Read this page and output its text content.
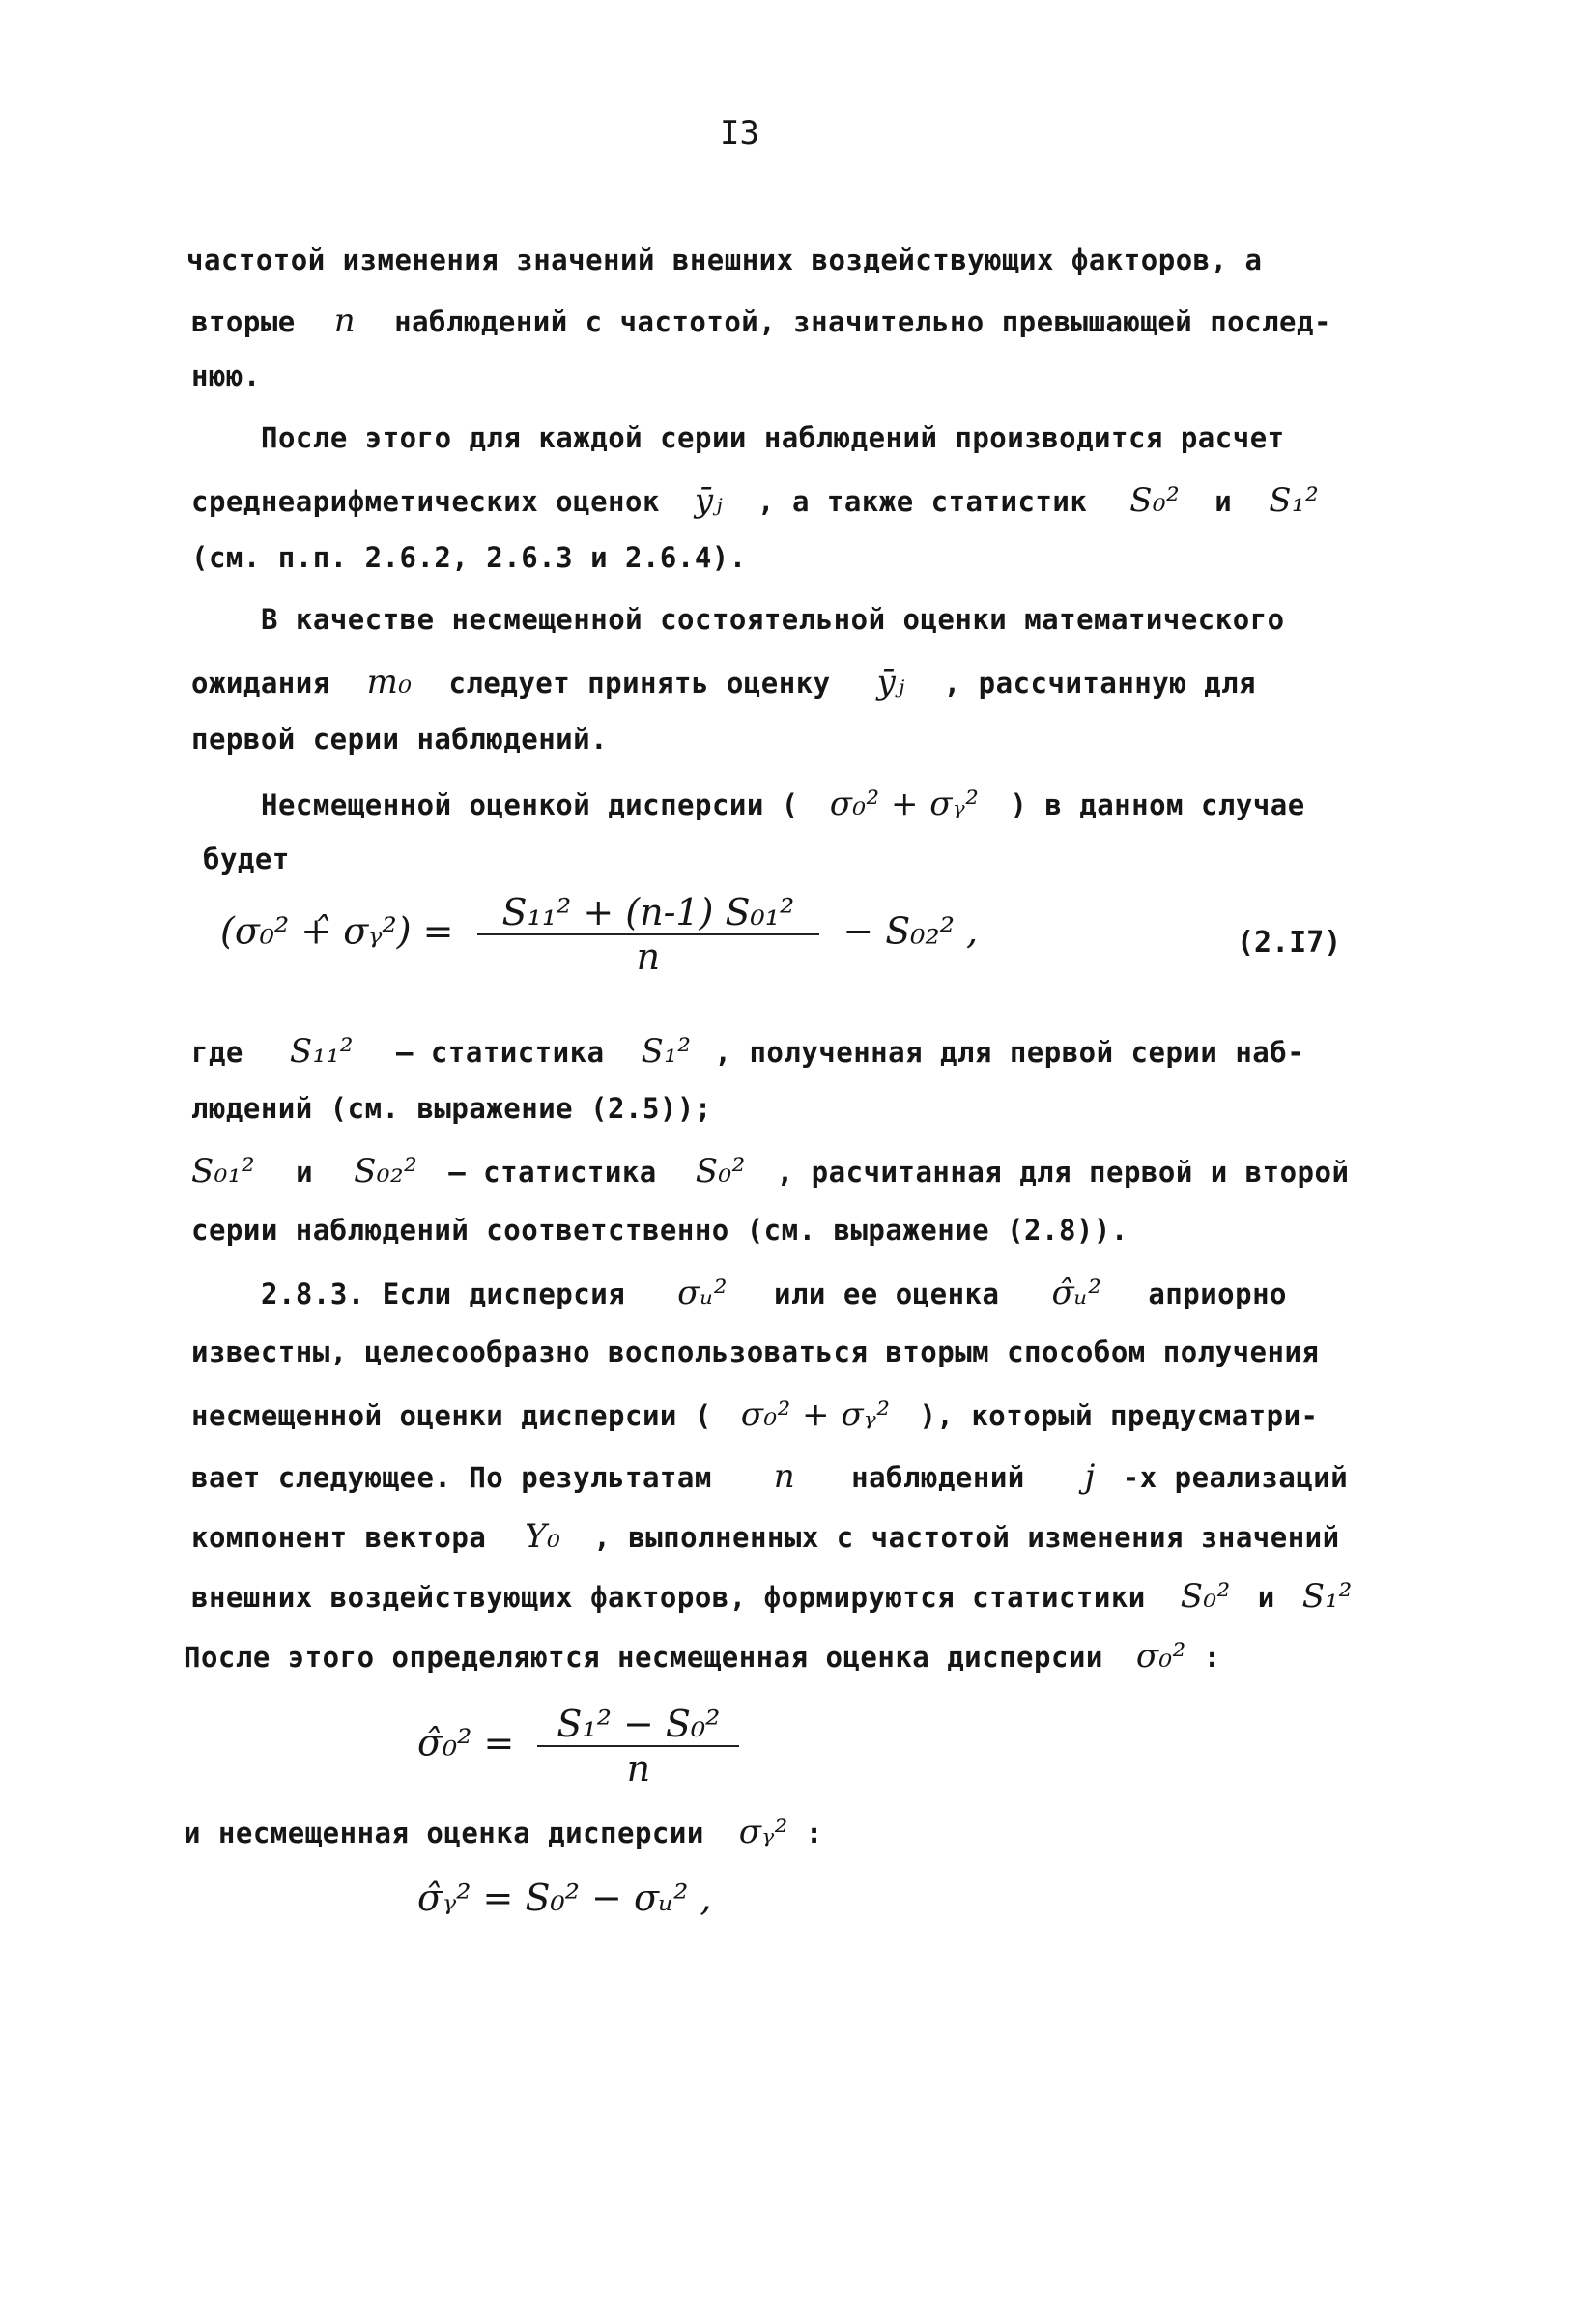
I3
частотой изменения значений внешних воздействующих факторов, а
вторые n наблюдений с частотой, значительно превышающей послед-
нюю.
После этого для каждой серии наблюдений производится расчет
среднеарифметических оценок ȳⱼ , а также статистик S₀² и S₁²
(см. п.п. 2.6.2, 2.6.3 и 2.6.4).
В качестве несмещенной состоятельной оценки математического
ожидания m₀ следует принять оценку ȳⱼ , рассчитанную для
первой серии наблюдений.
Несмещенной оценкой дисперсии ( σ₀² + σᵧ² ) в данном случае
будет
(σ₀² +̂ σᵧ²) = $\frac{\text{S₁₁² + (n-1) S₀₁²}}{n} - S_{02}^2$ ,	(2.I7)
где S₁₁² – статистика S₁² , полученная для первой серии наб-
людений (см. выражение (2.5));
S₀₁² и S₀₂² – статистика S₀² , расчитанная для первой и второй
серии наблюдений соответственно (см. выражение (2.8)).
2.8.3. Если дисперсия σᵤ² или ее оценка σ̂ᵤ² априорно
известны, целесообразно воспользоваться вторым способом получения
несмещенной оценки дисперсии ( σ₀² + σᵧ² ), который предусматри-
вает следующее. По результатам n наблюдений j -х реализаций
компонент вектора Y₀ , выполненных с частотой изменения значений
внешних воздействующих факторов, формируются статистики S₀² и S₁²
После этого определяются несмещенная оценка дисперсии σ₀² :
σ̂₀² = $\frac{\text{S₁² − S₀²}}{n}$
и несмещенная оценка дисперсии σᵧ² :
σ̂ᵧ² = S₀² − σᵤ² ,
